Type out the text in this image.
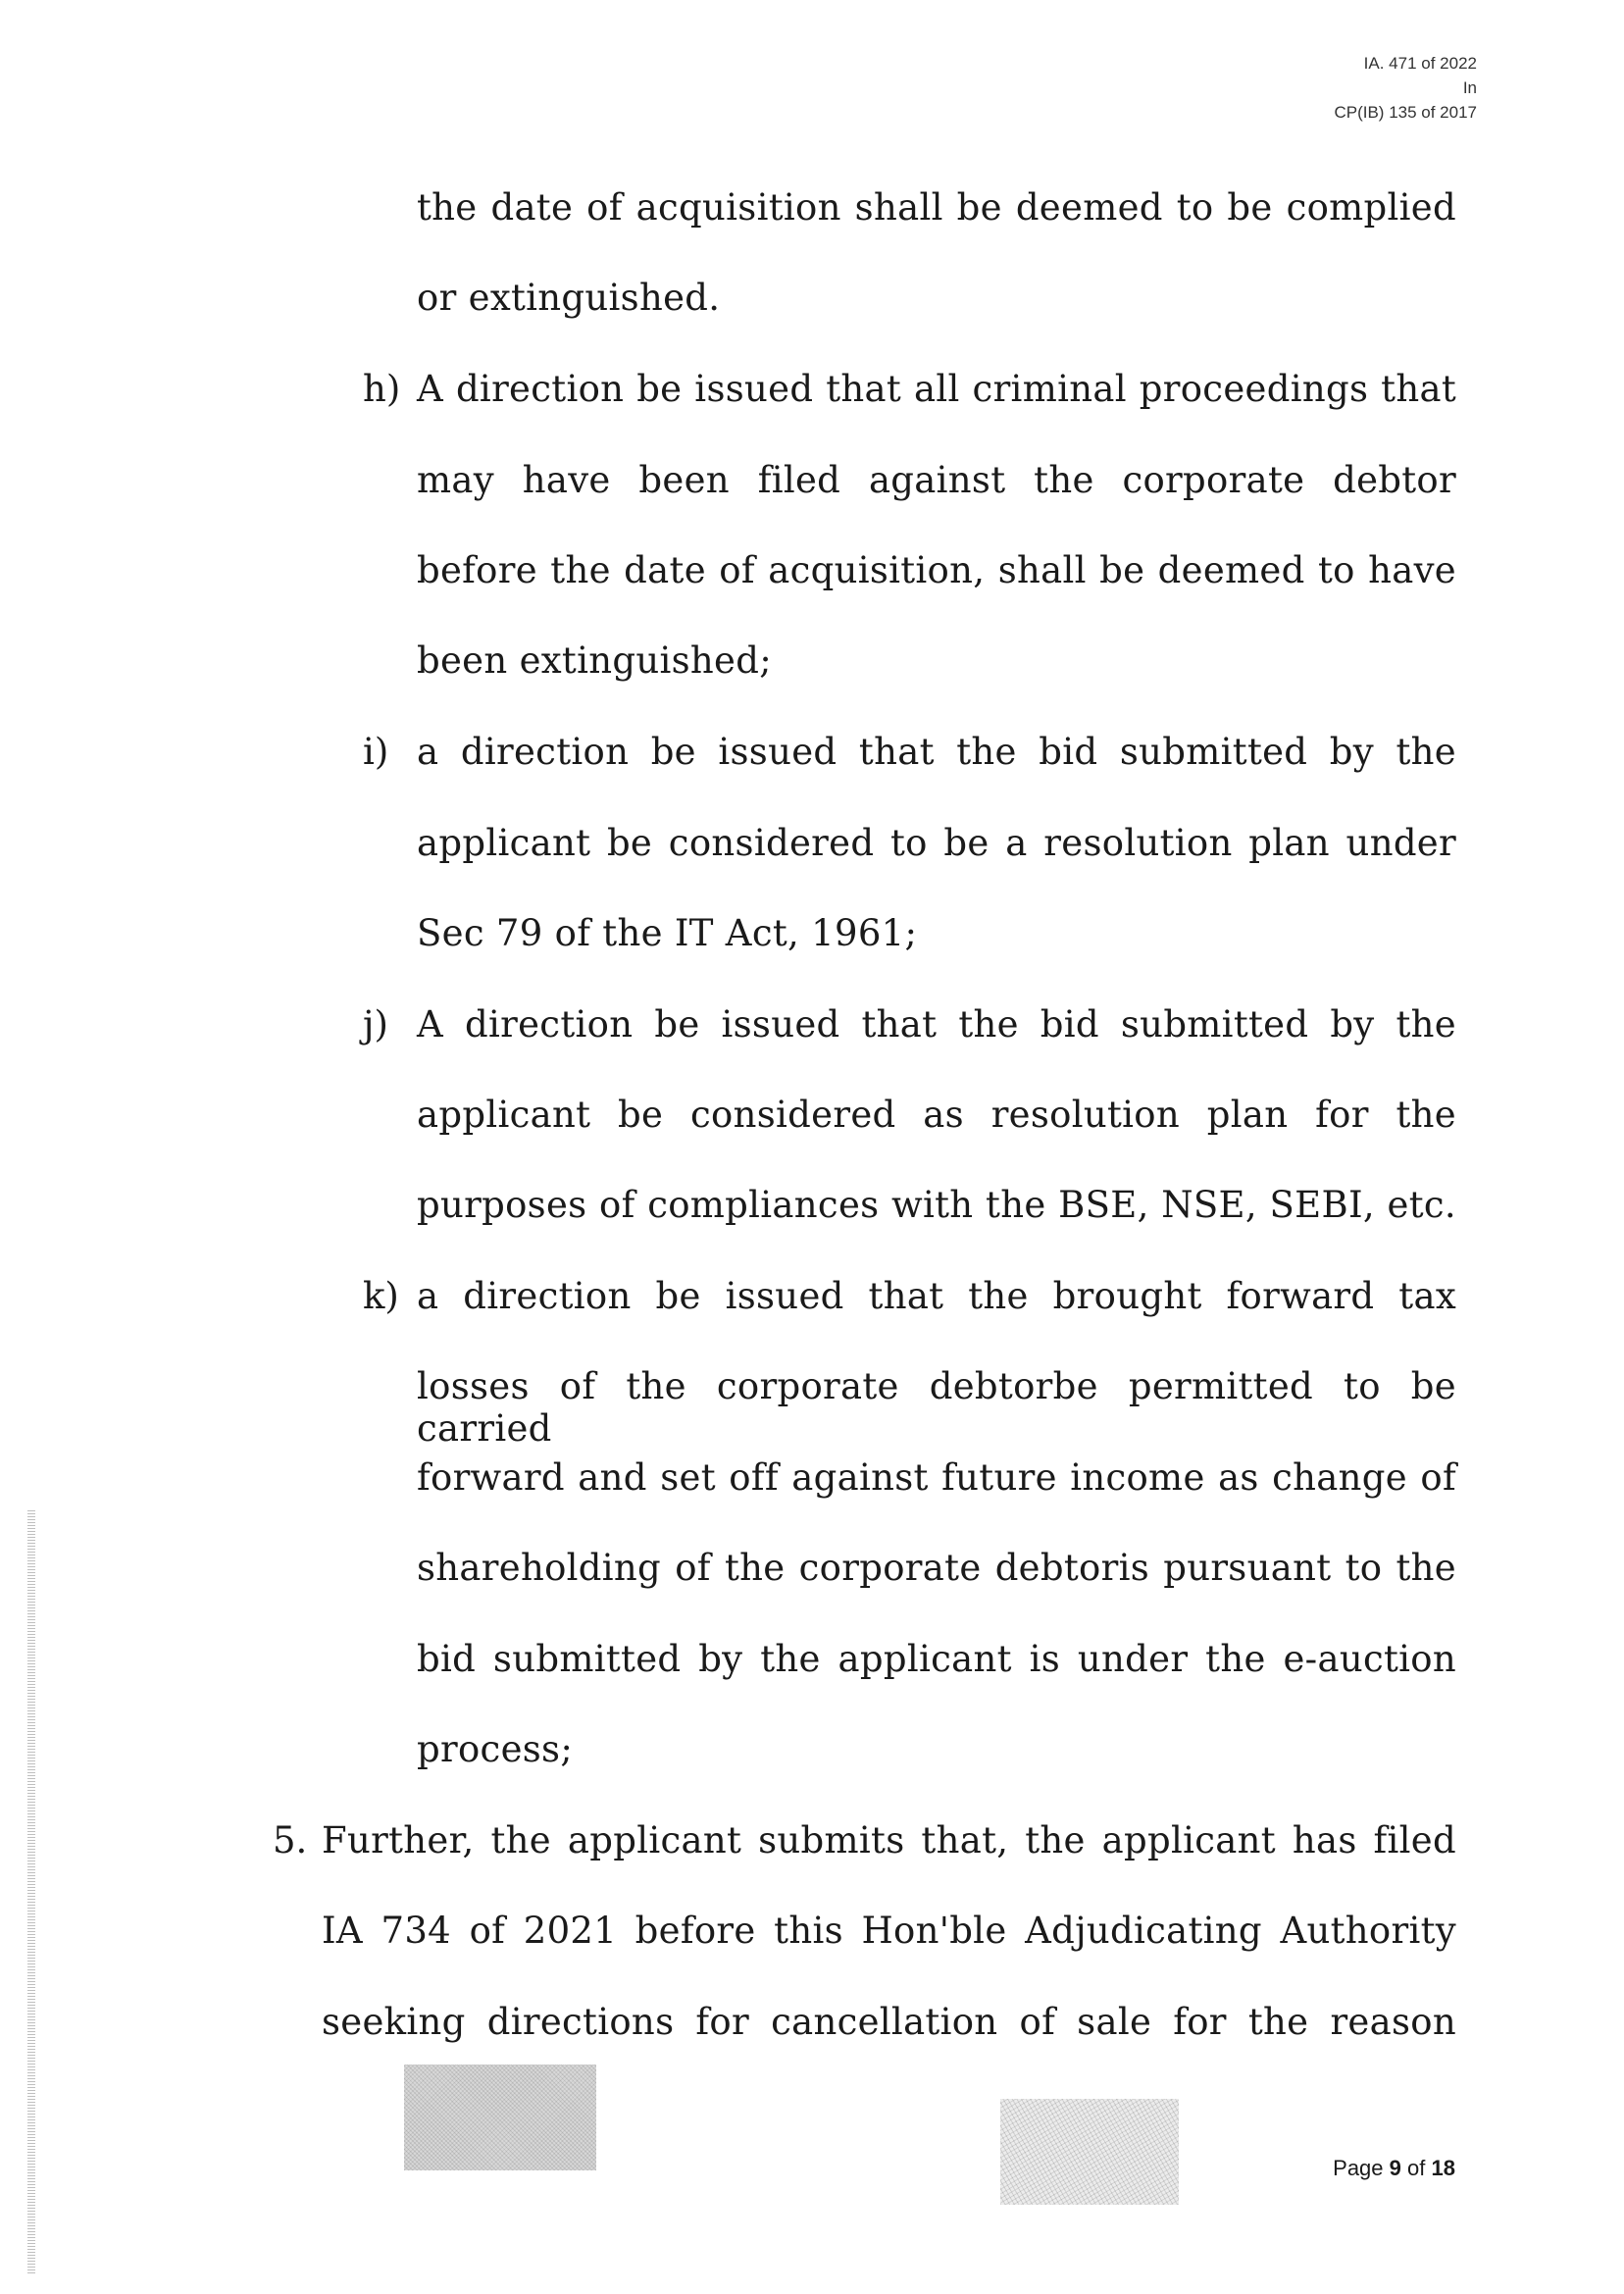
IA. 471 of 2022
In
CP(IB) 135 of 2017
the date of acquisition shall be deemed to be complied
or extinguished.
h) A direction be issued that all criminal proceedings that
may have been filed against the corporate debtor
before the date of acquisition, shall be deemed to have
been extinguished;
i) a direction be issued that the bid submitted by the
applicant be considered to be a resolution plan under
Sec 79 of the IT Act, 1961;
j) A direction be issued that the bid submitted by the
applicant be considered as resolution plan for the
purposes of compliances with the BSE, NSE, SEBI, etc.
k) a direction be issued that the brought forward tax
losses of the corporate debtorbe permitted to be carried
forward and set off against future income as change of
shareholding of the corporate debtoris pursuant to the
bid submitted by the applicant is under the e-auction
process;
5. Further, the applicant submits that, the applicant has filed
IA 734 of 2021 before this Hon'ble Adjudicating Authority
seeking directions for cancellation of sale for the reason
Page 9 of 18
